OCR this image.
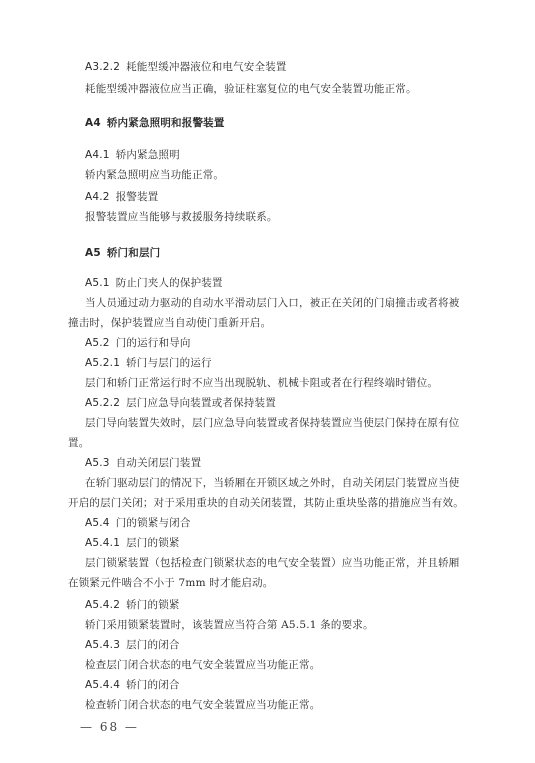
A3.2.2 耗能型缓冲器液位和电气安全装置
耗能型缓冲器液位应当正确，验证柱塞复位的电气安全装置功能正常。
A4 轿内紧急照明和报警装置
A4.1 轿内紧急照明
轿内紧急照明应当功能正常。
A4.2 报警装置
报警装置应当能够与救援服务持续联系。
A5 轿门和层门
A5.1 防止门夹人的保护装置
当人员通过动力驱动的自动水平滑动层门入口，被正在关闭的门扇撞击或者将被
撞击时，保护装置应当自动使门重新开启。
A5.2 门的运行和导向
A5.2.1 轿门与层门的运行
层门和轿门正常运行时不应当出现脱轨、机械卡阻或者在行程终端时错位。
A5.2.2 层门应急导向装置或者保持装置
层门导向装置失效时，层门应急导向装置或者保持装置应当使层门保持在原有位
置。
A5.3 自动关闭层门装置
在轿门驱动层门的情况下，当轿厢在开锁区域之外时，自动关闭层门装置应当使
开启的层门关闭；对于采用重块的自动关闭装置，其防止重块坠落的措施应当有效。
A5.4 门的锁紧与闭合
A5.4.1 层门的锁紧
层门锁紧装置（包括检查门锁紧状态的电气安全装置）应当功能正常，并且轿厢
在锁紧元件啮合不小于 7mm 时才能启动。
A5.4.2 轿门的锁紧
轿门采用锁紧装置时，该装置应当符合第 A5.5.1 条的要求。
A5.4.3 层门的闭合
检查层门闭合状态的电气安全装置应当功能正常。
A5.4.4 轿门的闭合
检查轿门闭合状态的电气安全装置应当功能正常。
— 68 —
